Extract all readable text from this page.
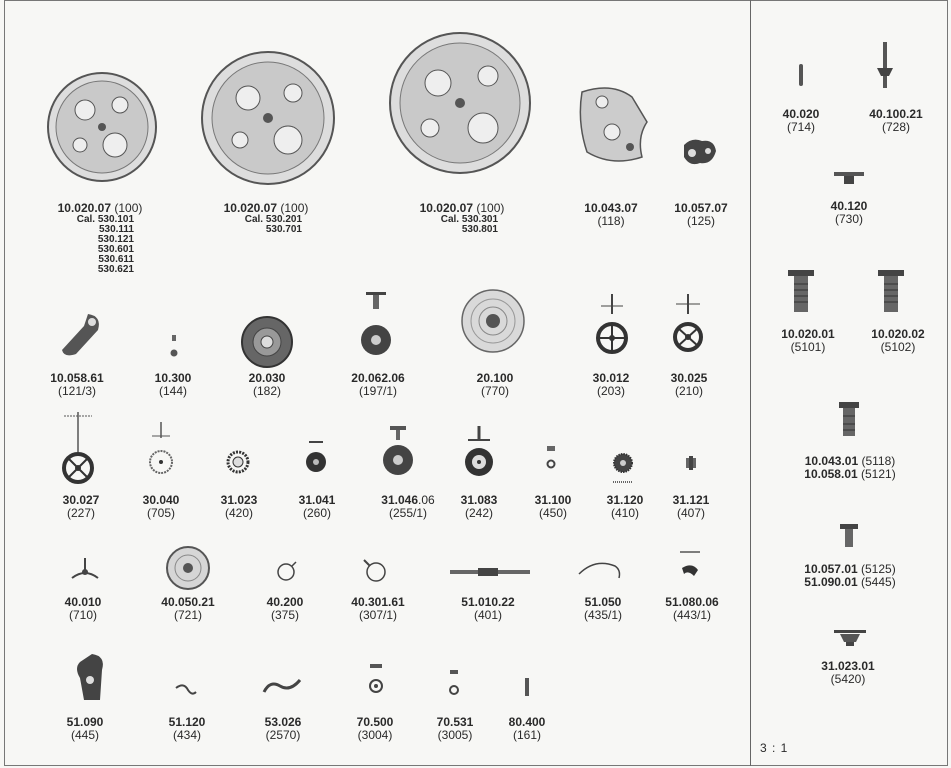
10.020.07 (100)
Cal. 530.101
530.111
530.121
530.601
530.611
530.621
10.020.07 (100)
Cal. 530.201
530.701
10.020.07 (100)
Cal. 530.301
530.801
10.043.07
(118)
10.057.07
(125)
10.058.61
(121/3)
10.300
(144)
20.030
(182)
20.062.06
(197/1)
20.100
(770)
30.012
(203)
30.025
(210)
30.027
(227)
30.040
(705)
31.023
(420)
31.041
(260)
31.046.06
(255/1)
31.083
(242)
31.100
(450)
31.120
(410)
31.121
(407)
40.010
(710)
40.050.21
(721)
40.200
(375)
40.301.61
(307/1)
51.010.22
(401)
51.050
(435/1)
51.080.06
(443/1)
51.090
(445)
51.120
(434)
53.026
(2570)
70.500
(3004)
70.531
(3005)
80.400
(161)
40.020
(714)
40.100.21
(728)
40.120
(730)
10.020.01
(5101)
10.020.02
(5102)
10.043.01 (5118)
10.058.01 (5121)
10.057.01 (5125)
51.090.01 (5445)
31.023.01
(5420)
3 : 1
